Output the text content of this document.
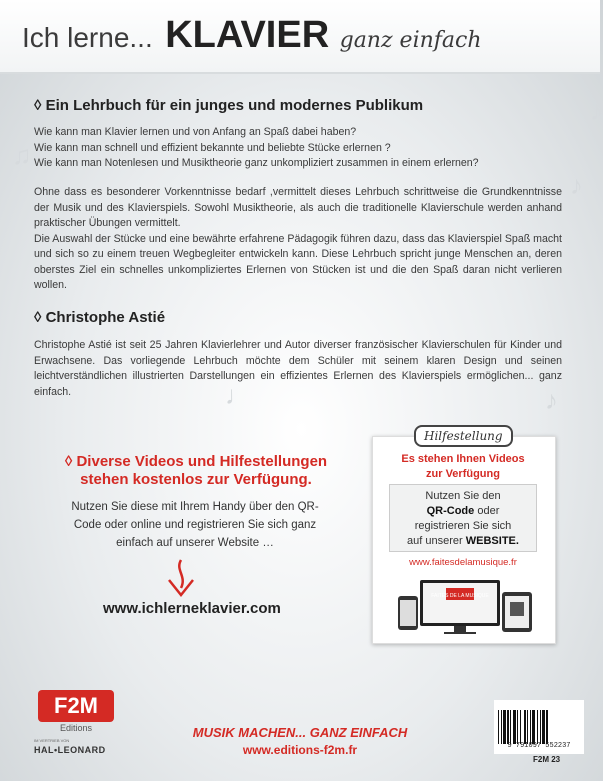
Ich lerne... KLAVIER ganz einfach
♪
♫
♪
♩	♪
◊ Ein Lehrbuch für ein junges und modernes Publikum
Wie kann man Klavier lernen und von Anfang an Spaß dabei haben?
Wie kann man schnell und effizient bekannte und beliebte Stücke erlernen ?
Wie kann man Notenlesen und Musiktheorie ganz unkompliziert zusammen in einem erlernen?
Ohne dass es besonderer Vorkenntnisse bedarf ,vermittelt dieses Lehrbuch schrittweise die Grundkenntnisse der Musik und des Klavierspiels. Sowohl Musiktheorie, als auch die traditionelle Klavierschule werden anhand praktischer Übungen vermittelt.
Die Auswahl der Stücke und eine bewährte erfahrene Pädagogik führen dazu, dass das Klavierspiel Spaß macht und sich so zu einem treuen Wegbegleiter entwickeln kann. Diese Lehrbuch spricht junge Menschen an, deren oberstes Ziel ein schnelles unkompliziertes Erlernen von Stücken ist und die den Spaß daran nicht verlieren wollen.
◊ Christophe Astié
Christophe Astié ist seit 25 Jahren Klavierlehrer und Autor diverser französischer Klavierschulen für Kinder und Erwachsene. Das vorliegende Lehrbuch möchte dem Schüler mit seinem klaren Design und seinen leichtverständlichen illustrierten Darstellungen ein effizientes Erlernen des Klavierspiels ermöglichen... ganz einfach.
◊ Diverse Videos und Hilfestellungen
stehen kostenlos zur Verfügung.
Nutzen Sie diese mit Ihrem Handy über den QR-Code oder online und registrieren Sie sich ganz einfach auf unserer Website …
www.ichlerneklavier.com
Hilfestellung
Es stehen Ihnen Videos
zur Verfügung
Nutzen Sie den
QR-Code oder
registrieren Sie sich
auf unserer WEBSITE.
www.faitesdelamusique.fr
FAITES DE LA MUSIQUE
F2M
Editions
IM VERTRIEB VON
HAL•LEONARD
MUSIK MACHEN... GANZ EINFACH
www.editions-f2m.fr	9 791097 552237
F2M 23
